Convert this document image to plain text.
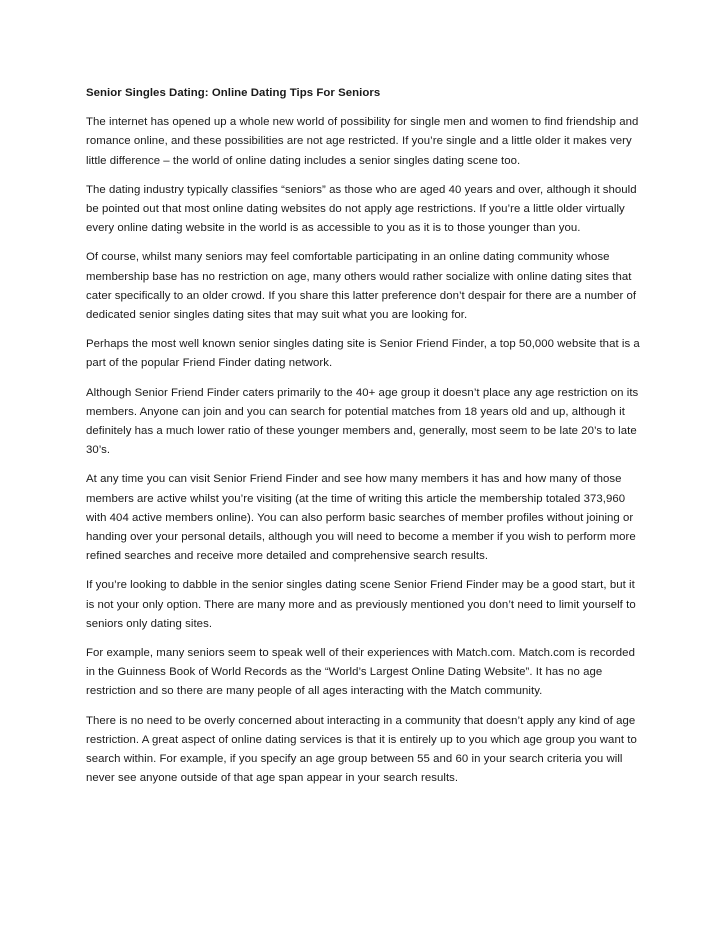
Senior Singles Dating: Online Dating Tips For Seniors

The internet has opened up a whole new world of possibility for single men and women to find friendship and romance online, and these possibilities are not age restricted. If you’re single and a little older it makes very little difference – the world of online dating includes a senior singles dating scene too.

The dating industry typically classifies “seniors” as those who are aged 40 years and over, although it should be pointed out that most online dating websites do not apply age restrictions. If you’re a little older virtually every online dating website in the world is as accessible to you as it is to those younger than you.

Of course, whilst many seniors may feel comfortable participating in an online dating community whose membership base has no restriction on age, many others would rather socialize with online dating sites that cater specifically to an older crowd. If you share this latter preference don’t despair for there are a number of dedicated senior singles dating sites that may suit what you are looking for.

Perhaps the most well known senior singles dating site is Senior Friend Finder, a top 50,000 website that is a part of the popular Friend Finder dating network.

Although Senior Friend Finder caters primarily to the 40+ age group it doesn’t place any age restriction on its members. Anyone can join and you can search for potential matches from 18 years old and up, although it definitely has a much lower ratio of these younger members and, generally, most seem to be late 20’s to late 30’s.

At any time you can visit Senior Friend Finder and see how many members it has and how many of those members are active whilst you’re visiting (at the time of writing this article the membership totaled 373,960 with 404 active members online). You can also perform basic searches of member profiles without joining or handing over your personal details, although you will need to become a member if you wish to perform more refined searches and receive more detailed and comprehensive search results.

If you’re looking to dabble in the senior singles dating scene Senior Friend Finder may be a good start, but it is not your only option. There are many more and as previously mentioned you don’t need to limit yourself to seniors only dating sites.

For example, many seniors seem to speak well of their experiences with Match.com. Match.com is recorded in the Guinness Book of World Records as the “World’s Largest Online Dating Website”. It has no age restriction and so there are many people of all ages interacting with the Match community.

There is no need to be overly concerned about interacting in a community that doesn’t apply any kind of age restriction. A great aspect of online dating services is that it is entirely up to you which age group you want to search within. For example, if you specify an age group between 55 and 60 in your search criteria you will never see anyone outside of that age span appear in your search results.
